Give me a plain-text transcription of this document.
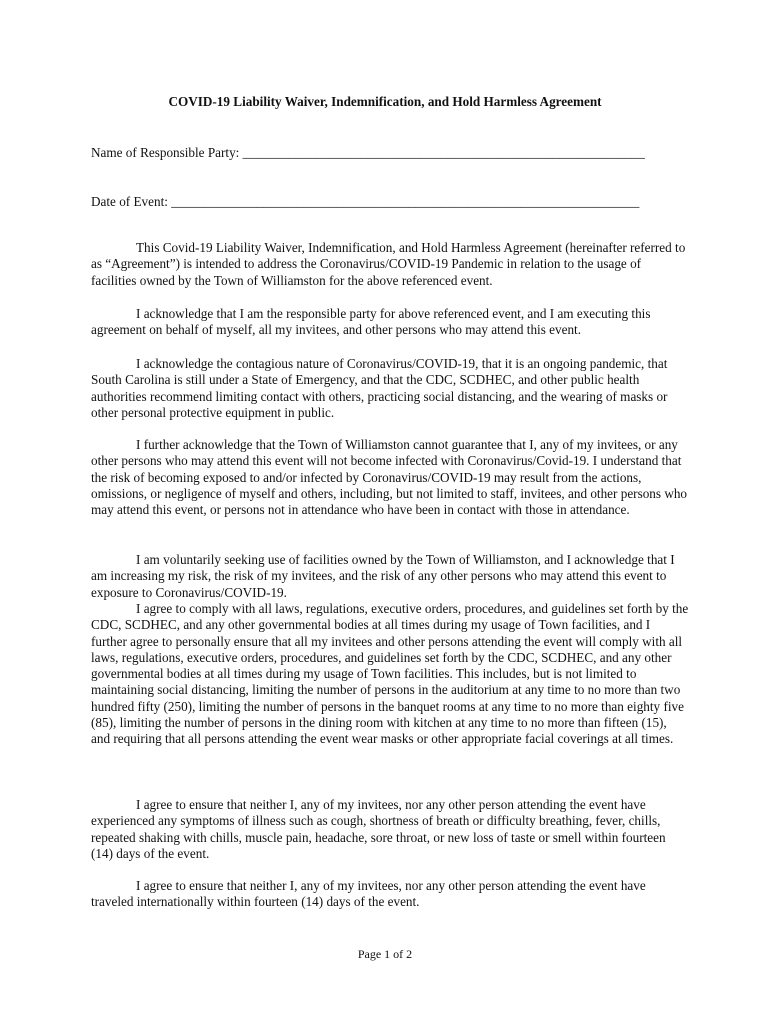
COVID-19 Liability Waiver, Indemnification, and Hold Harmless Agreement
Name of Responsible Party: _____________________________________________________________
Date of Event: _______________________________________________________________________

This Covid-19 Liability Waiver, Indemnification, and Hold Harmless Agreement (hereinafter referred to as “Agreement”) is intended to address the Coronavirus/COVID-19 Pandemic in relation to the usage of facilities owned by the Town of Williamston for the above referenced event.

I acknowledge that I am the responsible party for above referenced event, and I am executing this agreement on behalf of myself, all my invitees, and other persons who may attend this event.

I acknowledge the contagious nature of Coronavirus/COVID-19, that it is an ongoing pandemic, that South Carolina is still under a State of Emergency, and that the CDC, SCDHEC, and other public health authorities recommend limiting contact with others, practicing social distancing, and the wearing of masks or other personal protective equipment in public.

I further acknowledge that the Town of Williamston cannot guarantee that I, any of my invitees, or any other persons who may attend this event will not become infected with Coronavirus/Covid-19. I understand that the risk of becoming exposed to and/or infected by Coronavirus/COVID-19 may result from the actions, omissions, or negligence of myself and others, including, but not limited to staff, invitees, and other persons who may attend this event, or persons not in attendance who have been in contact with those in attendance.

I am voluntarily seeking use of facilities owned by the Town of Williamston, and I acknowledge that I am increasing my risk, the risk of my invitees, and the risk of any other persons who may attend this event to exposure to Coronavirus/COVID-19.

I agree to comply with all laws, regulations, executive orders, procedures, and guidelines set forth by the CDC, SCDHEC, and any other governmental bodies at all times during my usage of Town facilities, and I further agree to personally ensure that all my invitees and other persons attending the event will comply with all laws, regulations, executive orders, procedures, and guidelines set forth by the CDC, SCDHEC, and any other governmental bodies at all times during my usage of Town facilities. This includes, but is not limited to maintaining social distancing, limiting the number of persons in the auditorium at any time to no more than two hundred fifty (250), limiting the number of persons in the banquet rooms at any time to no more than eighty five (85), limiting the number of persons in the dining room with kitchen at any time to no more than fifteen (15), and requiring that all persons attending the event wear masks or other appropriate facial coverings at all times.

I agree to ensure that neither I, any of my invitees, nor any other person attending the event have experienced any symptoms of illness such as cough, shortness of breath or difficulty breathing, fever, chills, repeated shaking with chills, muscle pain, headache, sore throat, or new loss of taste or smell within fourteen (14) days of the event.

I agree to ensure that neither I, any of my invitees, nor any other person attending the event have traveled internationally within fourteen (14) days of the event.

Page 1 of 2
